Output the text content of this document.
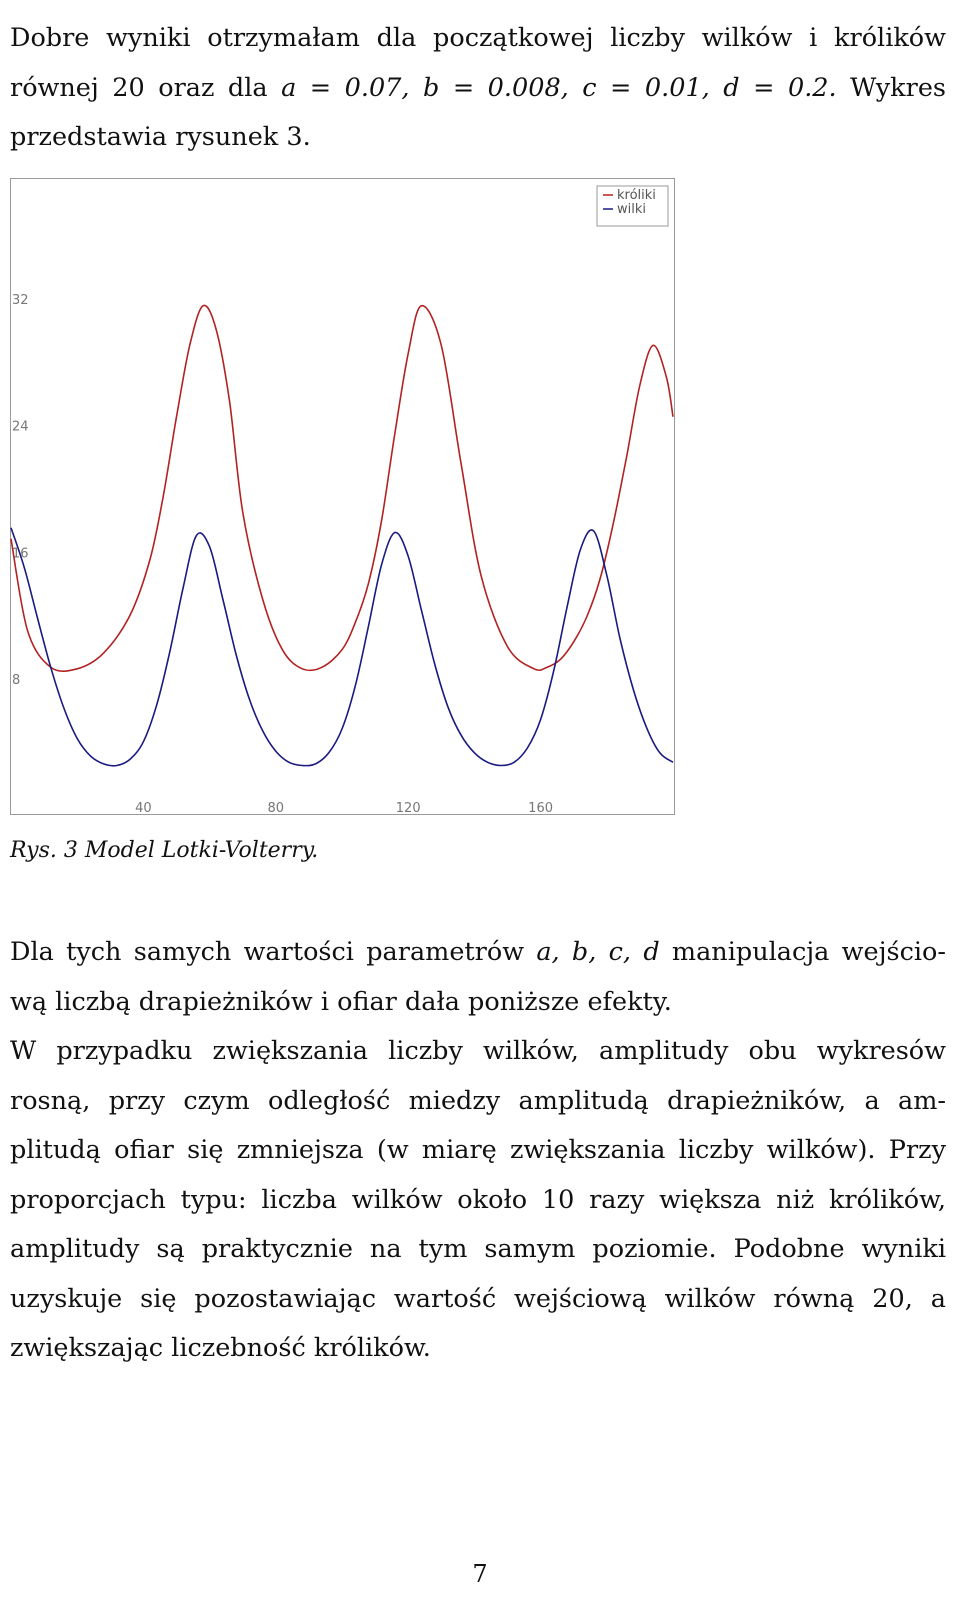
Dobre wyniki otrzymałam dla początkowej liczby wilków i królików
równej 20 oraz dla a = 0.07, b = 0.008, c = 0.01, d = 0.2. Wykres
przedstawia rysunek 3.
8
16
24
32
40	80	120	160
króliki
wilki

Rys. 3 Model Lotki-Volterry.

Dla tych samych wartości parametrów a, b, c, d manipulacja wejścio-
wą liczbą drapieżników i ofiar dała poniższe efekty.
W przypadku zwiększania liczby wilków, amplitudy obu wykresów
rosną, przy czym odległość miedzy amplitudą drapieżników, a am-
plitudą ofiar się zmniejsza (w miarę zwiększania liczby wilków). Przy
proporcjach typu: liczba wilków około 10 razy większa niż królików,
amplitudy są praktycznie na tym samym poziomie. Podobne wyniki
uzyskuje się pozostawiając wartość wejściową wilków równą 20, a
zwiększając liczebność królików.
7
